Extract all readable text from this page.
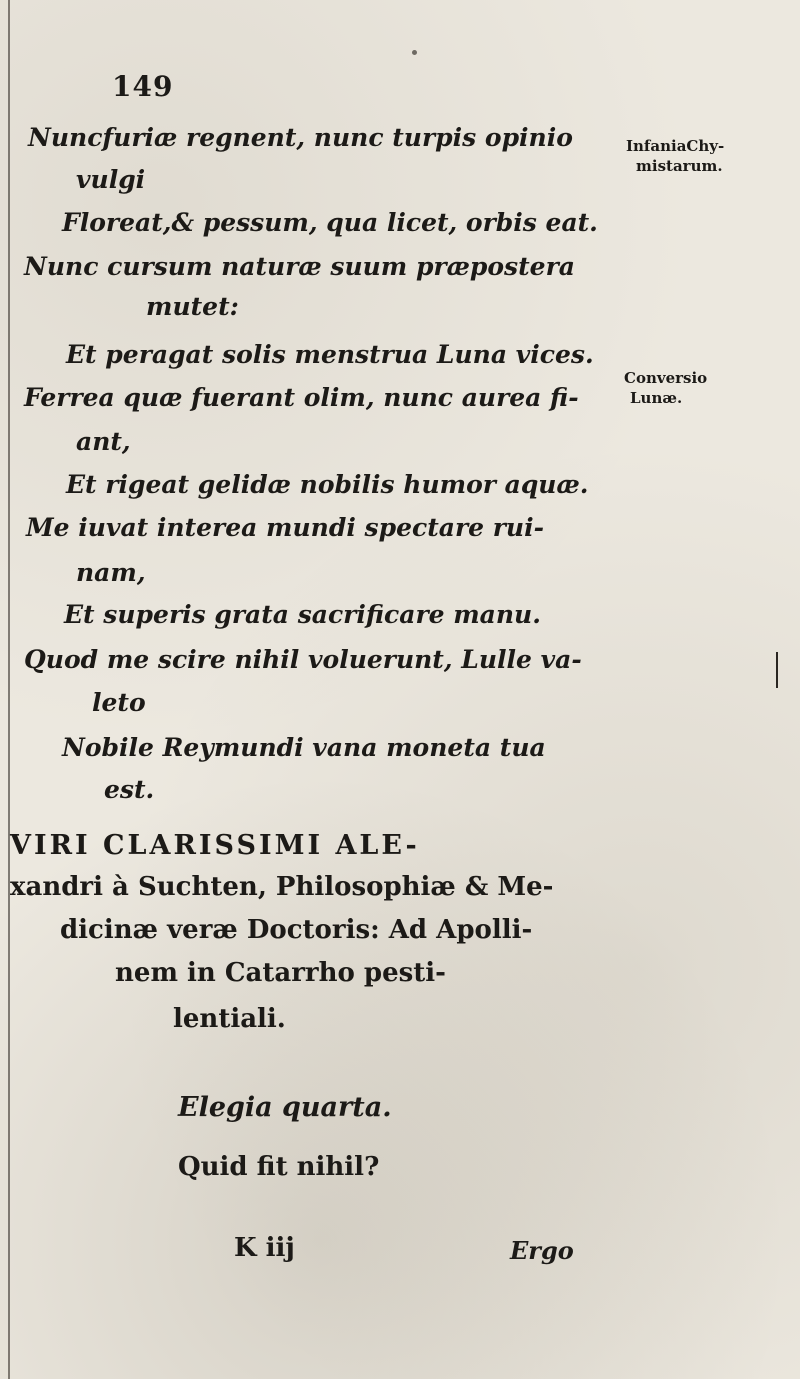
149
Nuncfuriæ regnent, nunc turpis opinio
vulgi
Floreat,& pessum, qua licet, orbis eat.
Nunc cursum naturæ suum præpostera
mutet:
Et peragat solis menstrua Luna vices.
Ferrea quæ fuerant olim, nunc aurea fi-
ant,
Et rigeat gelidæ nobilis humor aquæ.
Me iuvat interea mundi spectare rui-
nam,
Et superis grata sacrificare manu.
Quod me scire nihil voluerunt, Lulle va-
leto
Nobile Reymundi vana moneta tua
est.
InfaniaChy-
mistarum.
Conversio
Lunæ.
VIRI CLARISSIMI ALE-
xandri à Suchten, Philosophiæ & Me-
dicinæ veræ Doctoris: Ad Apolli-
nem in Catarrho pesti-
lentiali.
Elegia quarta.
Quid fit nihil?
K iij	Ergo
